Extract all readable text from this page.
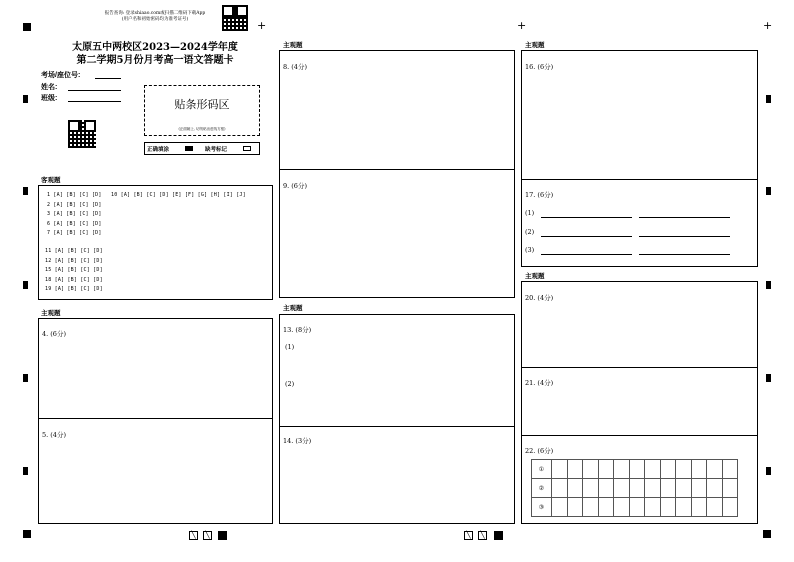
+	+	+
报告查询: 登录shiaao.com或扫描二维码下载App
(用户名和初始密码均为准考证号)
太原五中两校区2023—2024学年度
第二学期5月份月考高一语文答题卡
考场/座位号:
姓名:
班级:	贴条形码区
(正面朝上, 切勿贴出虚线方框)
正确填涂	缺考标记
客观题
1 [A] [B] [C] [D] 10 [A] [B] [C] [D] [E] [F] [G] [H] [I] [J]
2 [A] [B] [C] [D]
3 [A] [B] [C] [D]
6 [A] [B] [C] [D]
7 [A] [B] [C] [D]
11 [A] [B] [C] [D]
12 [A] [B] [C] [D]
15 [A] [B] [C] [D]
18 [A] [B] [C] [D]
19 [A] [B] [C] [D]
主观题
4. (6分)
5. (4分)
主观题
8. (4分)
9. (6分)
主观题
13. (8分)
(1)
(2)
14. (3分)
主观题
16. (6分)
17. (6分)
(1)
(2)
(3)
主观题
20. (4分)
21. (4分)
22. (6分)
①												
②												
③												
╲	╲	╲	╲
